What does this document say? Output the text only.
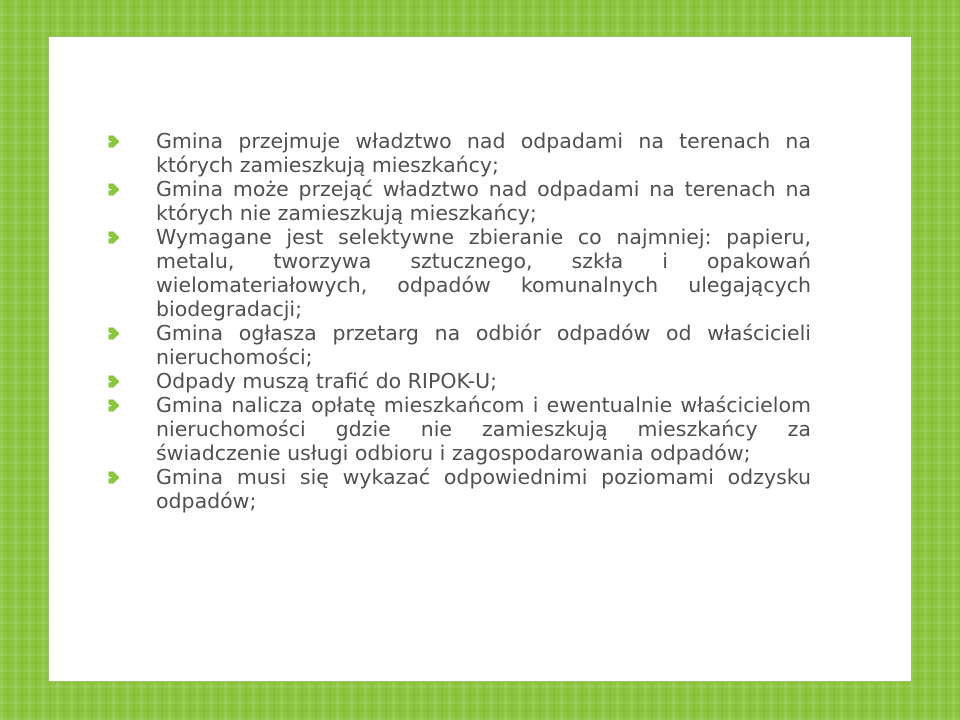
Gmina przejmuje władztwo nad odpadami na terenach na których zamieszkują mieszkańcy;
Gmina może przejąć władztwo nad odpadami na terenach na których nie zamieszkują mieszkańcy;
Wymagane jest selektywne zbieranie co najmniej: papieru, metalu, tworzywa sztucznego, szkła i opakowań wielomateriałowych, odpadów komunalnych ulegających biodegradacji;
Gmina ogłasza przetarg na odbiór odpadów od właścicieli nieruchomości;
Odpady muszą trafić do RIPOK-U;
Gmina nalicza opłatę mieszkańcom i ewentualnie właścicielom nieruchomości gdzie nie zamieszkują mieszkańcy za świadczenie usługi odbioru i zagospodarowania odpadów;
Gmina musi się wykazać odpowiednimi poziomami odzysku odpadów;
